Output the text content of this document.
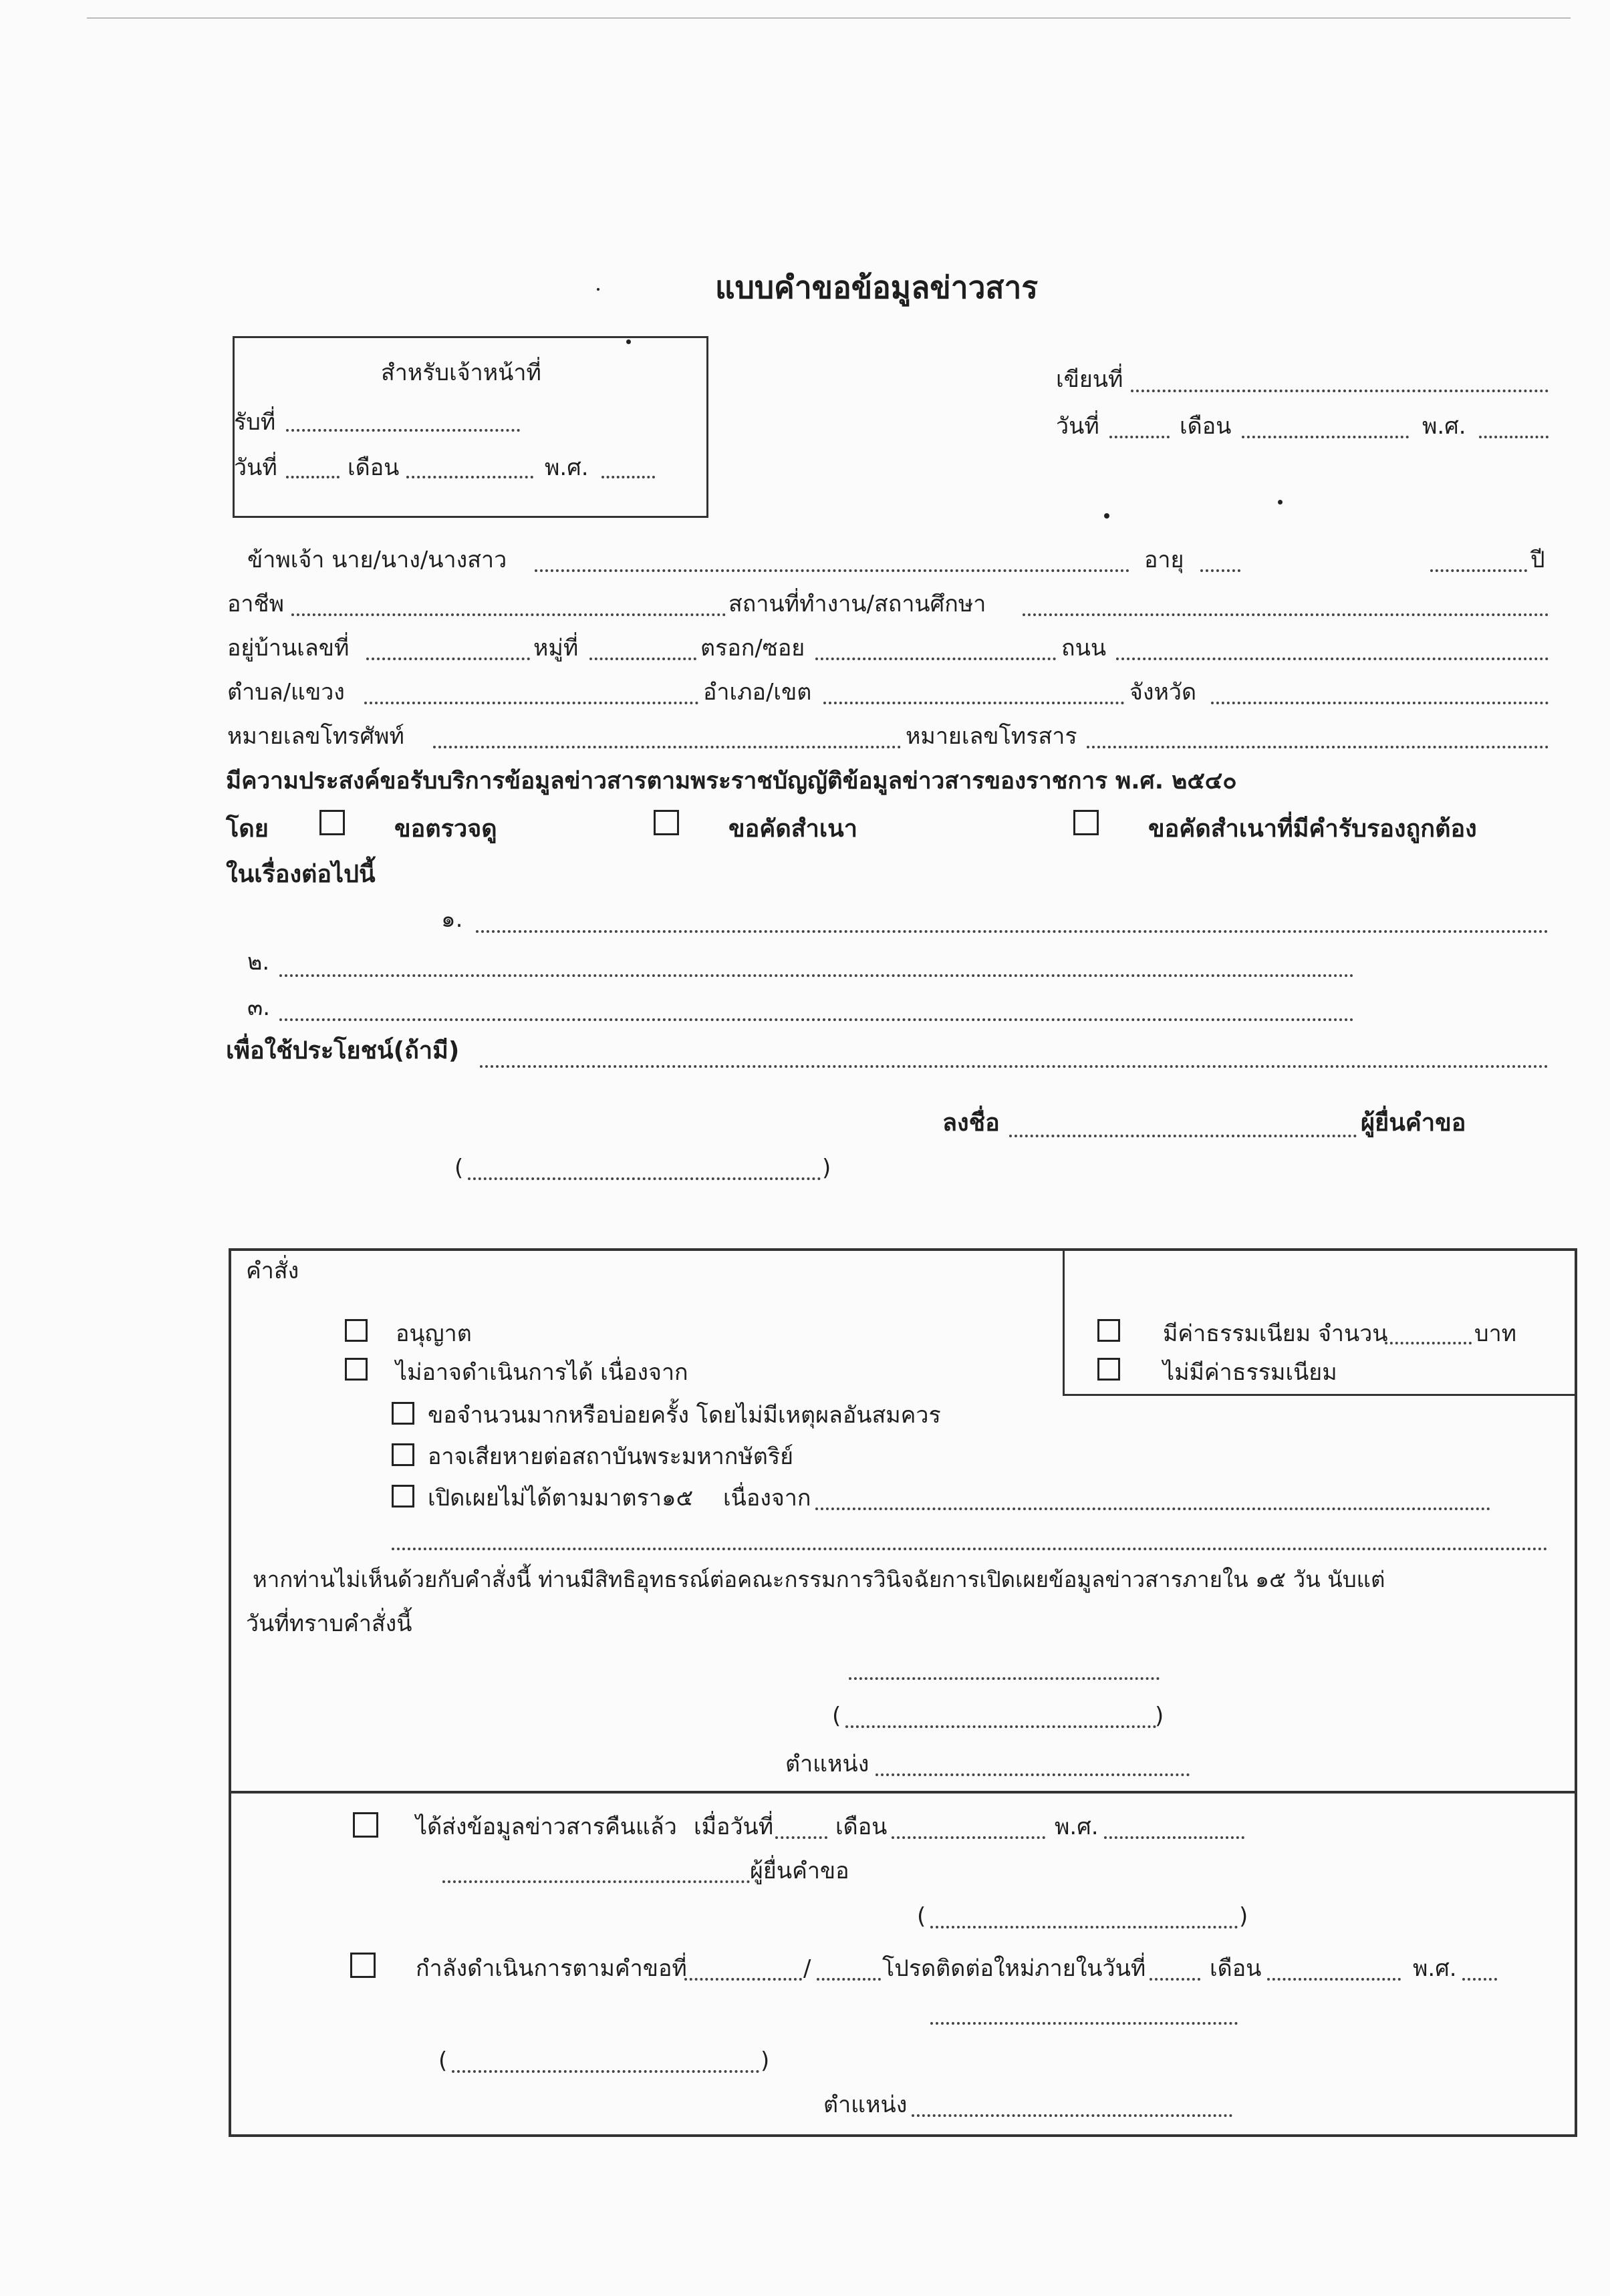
แบบคำขอข้อมูลข่าวสาร
สำหรับเจ้าหน้าที่
รับที่
วันที่	เดือน	พ.ศ.
เขียนที่
วันที่	เดือน	พ.ศ.
ข้าพเจ้า นาย/นาง/นางสาว	อายุ	ปี
อาชีพ	สถานที่ทำงาน/สถานศึกษา
อยู่บ้านเลขที่	หมู่ที่	ตรอก/ซอย	ถนน
ตำบล/แขวง	อำเภอ/เขต	จังหวัด
หมายเลขโทรศัพท์	หมายเลขโทรสาร
มีความประสงค์ขอรับบริการข้อมูลข่าวสารตามพระราชบัญญัติข้อมูลข่าวสารของราชการ พ.ศ. ๒๕๔๐
โดย	ขอตรวจดู	ขอคัดสำเนา	ขอคัดสำเนาที่มีคำรับรองถูกต้อง
ในเรื่องต่อไปนี้
๑.
๒.
๓.
เพื่อใช้ประโยชน์(ถ้ามี)
ลงชื่อ	ผู้ยื่นคำขอ
(	)
คำสั่ง
อนุญาต
ไม่อาจดำเนินการได้ เนื่องจาก
มีค่าธรรมเนียม จำนวน	บาท
ไม่มีค่าธรรมเนียม
ขอจำนวนมากหรือบ่อยครั้ง โดยไม่มีเหตุผลอันสมควร
อาจเสียหายต่อสถาบันพระมหากษัตริย์
เปิดเผยไม่ได้ตามมาตรา๑๕ เนื่องจาก
หากท่านไม่เห็นด้วยกับคำสั่งนี้ ท่านมีสิทธิอุทธรณ์ต่อคณะกรรมการวินิจฉัยการเปิดเผยข้อมูลข่าวสารภายใน ๑๕ วัน นับแต่
วันที่ทราบคำสั่งนี้
(	)
ตำแหน่ง
ได้ส่งข้อมูลข่าวสารคืนแล้ว เมื่อวันที่	เดือน	พ.ศ.
ผู้ยื่นคำขอ
(	)
กำลังดำเนินการตามคำขอที่	/	โปรดติดต่อใหม่ภายในวันที่	เดือน	พ.ศ.
(	)
ตำแหน่ง
